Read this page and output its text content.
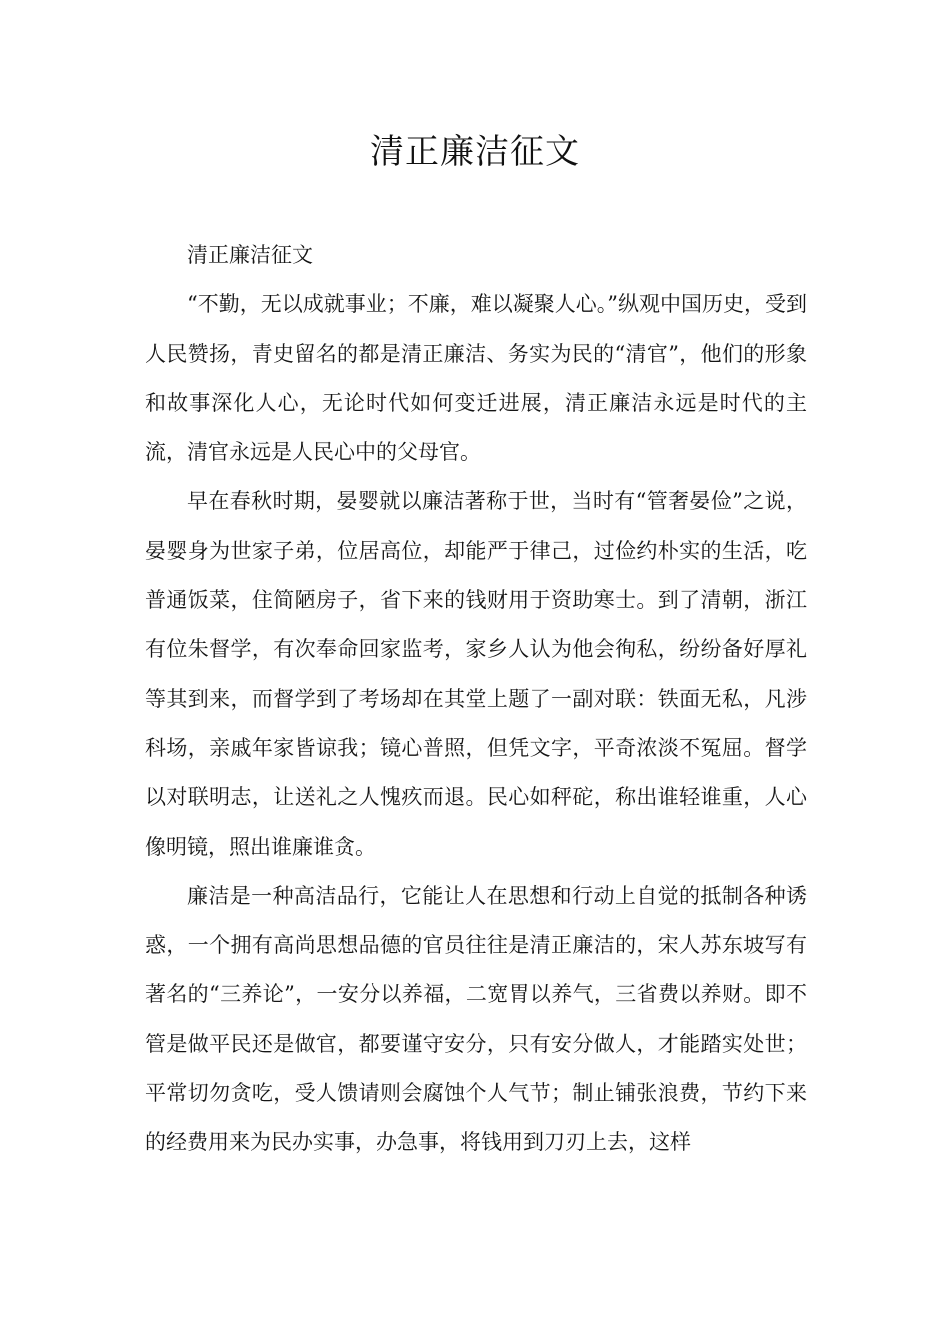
清正廉洁征文

清正廉洁征文

“不勤，无以成就事业；不廉，难以凝聚人心。”纵观中国历史，受到人民赞扬，青史留名的都是清正廉洁、务实为民的“清官”，他们的形象和故事深化人心，无论时代如何变迁进展，清正廉洁永远是时代的主流，清官永远是人民心中的父母官。

早在春秋时期，晏婴就以廉洁著称于世，当时有“管奢晏俭”之说，晏婴身为世家子弟，位居高位，却能严于律己，过俭约朴实的生活，吃普通饭菜，住简陋房子，省下来的钱财用于资助寒士。到了清朝，浙江有位朱督学，有次奉命回家监考，家乡人认为他会徇私，纷纷备好厚礼等其到来，而督学到了考场却在其堂上题了一副对联：铁面无私，凡涉科场，亲戚年家皆谅我；镜心普照，但凭文字，平奇浓淡不冤屈。督学以对联明志，让送礼之人愧疚而退。民心如秤砣，称出谁轻谁重，人心像明镜，照出谁廉谁贪。

廉洁是一种高洁品行，它能让人在思想和行动上自觉的抵制各种诱惑，一个拥有高尚思想品德的官员往往是清正廉洁的，宋人苏东坡写有著名的“三养论”，一安分以养福，二宽胃以养气，三省费以养财。即不管是做平民还是做官，都要谨守安分，只有安分做人，才能踏实处世；平常切勿贪吃，受人馈请则会腐蚀个人气节；制止铺张浪费，节约下来的经费用来为民办实事，办急事，将钱用到刀刃上去，这样
